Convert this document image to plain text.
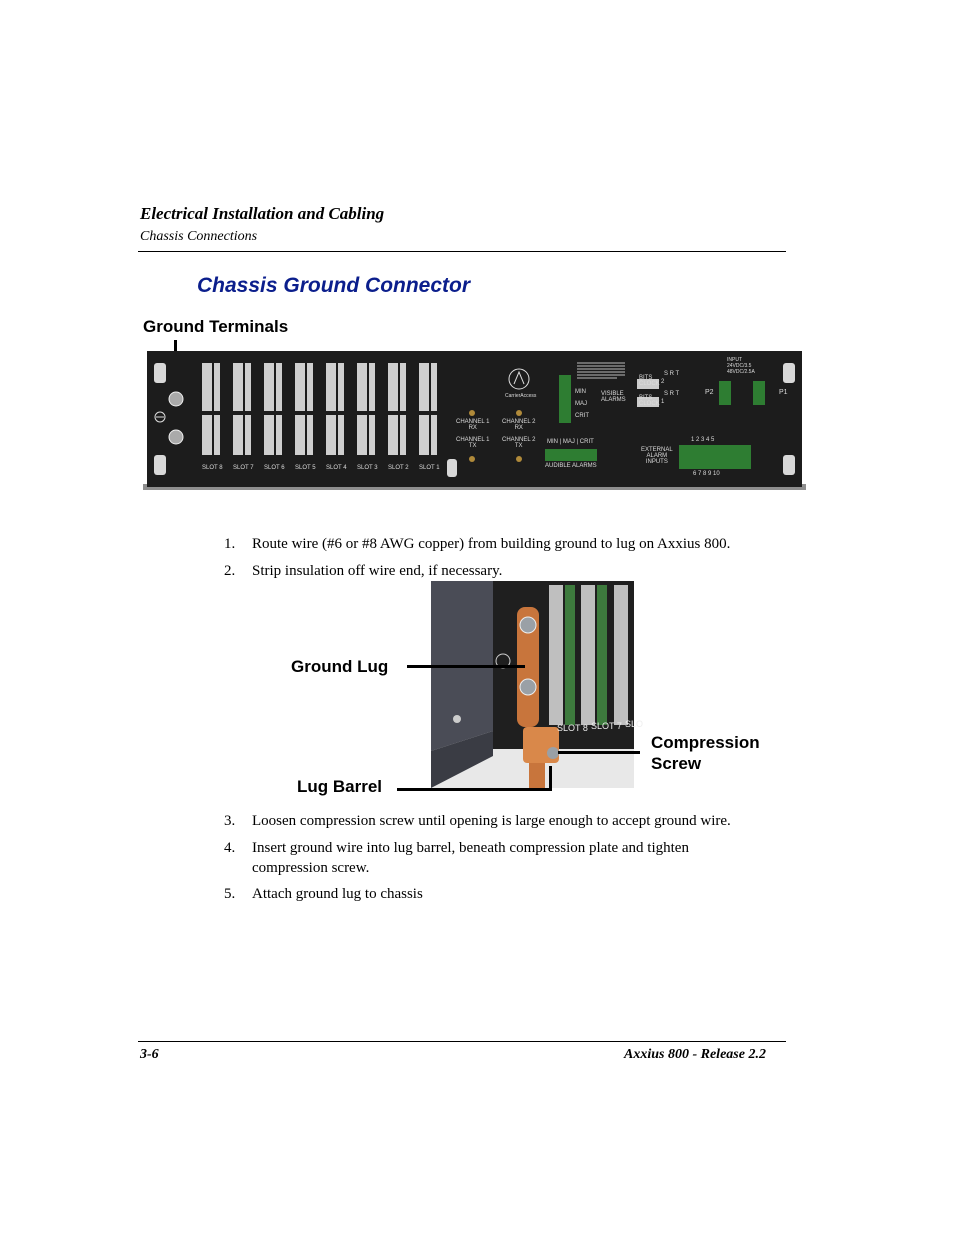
Electrical Installation and Cabling
Chassis Connections
Chassis Ground Connector
Ground Terminals
SLOT 8 SLOT 7 SLOT 6 SLOT 5 SLOT 4 SLOT 3 SLOT 2 SLOT 1
CHANNEL 1
RX
CHANNEL 2
RX
CHANNEL 1
TX
CHANNEL 2
TX
CarrierAccess
MIN
MAJ
CRIT
VISIBLE
ALARMS
MIN | MAJ | CRIT
AUDIBLE ALARMS
BITS
CLOCK
BITS
CLOCK
S R T
S R T
2
1
INPUT
24VDC/3.5
48VDC/2.5A
P2	P1
EXTERNAL
ALARM
INPUTS
1 2 3 4 5
6 7 8 9 10
1. Route wire (#6 or #8 AWG copper) from building ground to lug on Axxius 800.
2. Strip insulation off wire end, if necessary.
SLOT 8 SLOT 7 SLO
Ground Lug
Lug Barrel
Compression
Screw
3. Loosen compression screw until opening is large enough to accept ground wire.
4. Insert ground wire into lug barrel, beneath compression plate and tighten
compression screw.
5. Attach ground lug to chassis
3-6	Axxius 800 - Release 2.2
